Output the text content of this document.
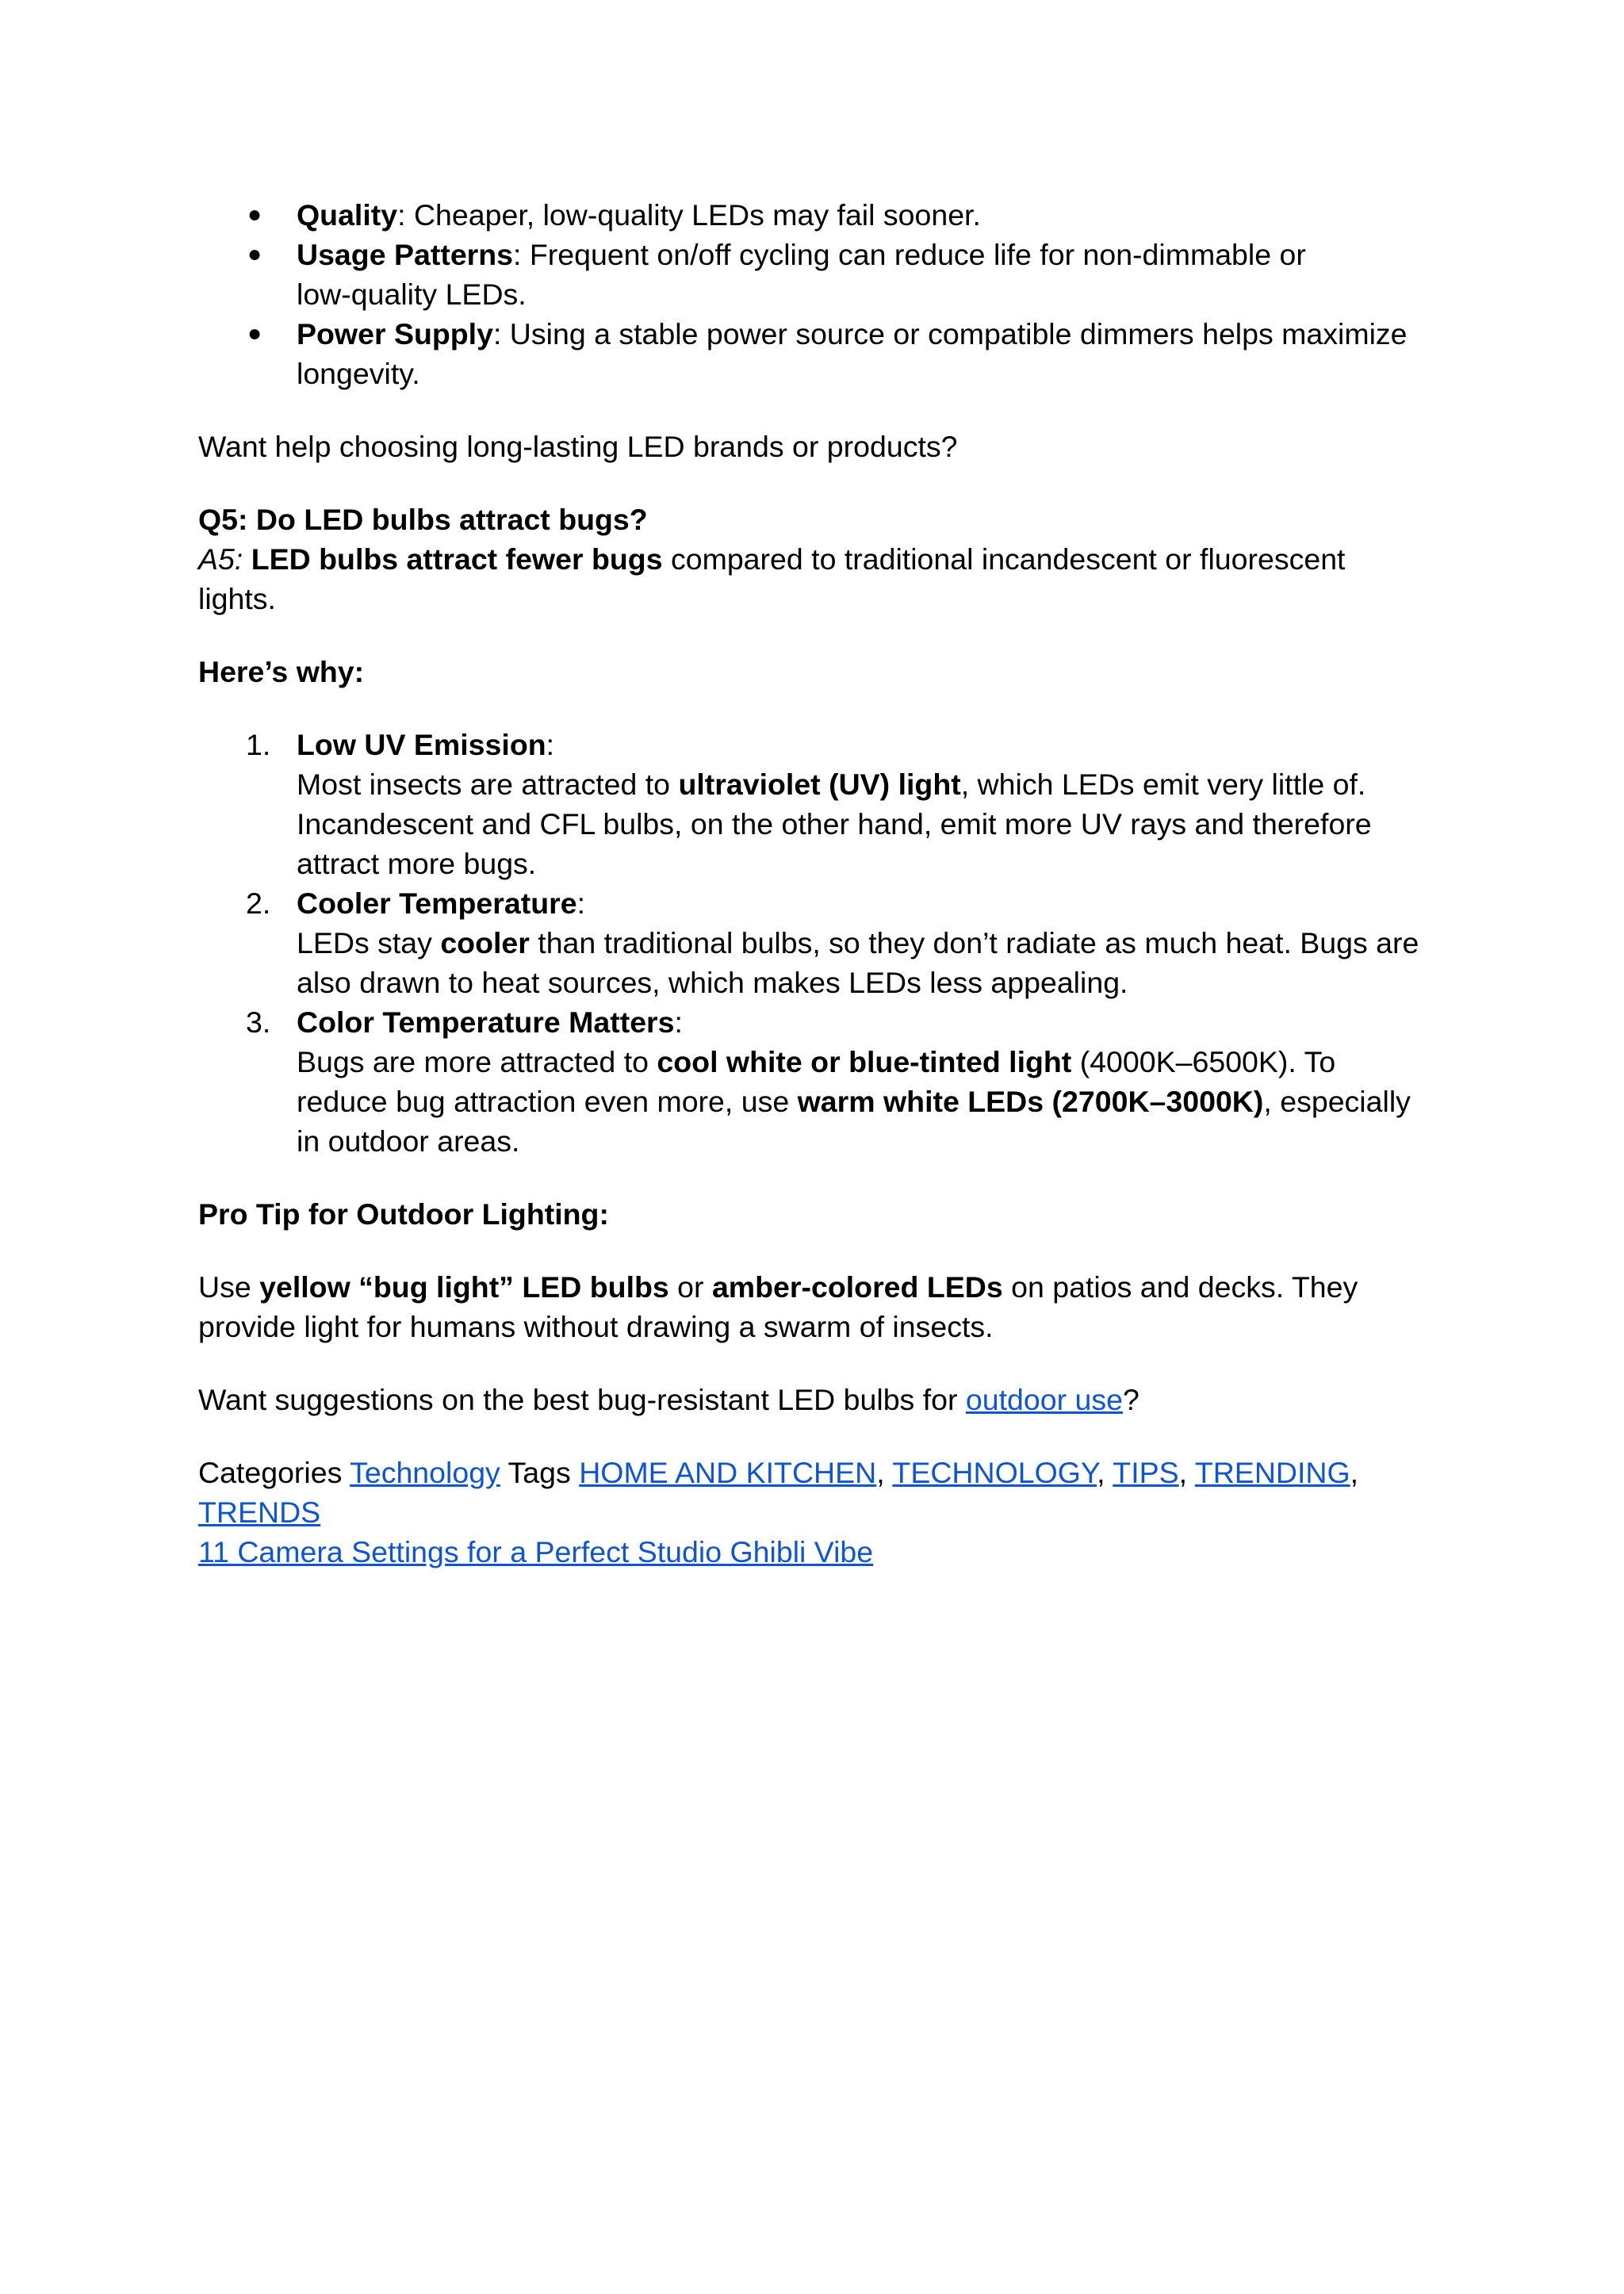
● Quality: Cheaper, low-quality LEDs may fail sooner.
● Usage Patterns: Frequent on/off cycling can reduce life for non-dimmable or
low-quality LEDs.
● Power Supply: Using a stable power source or compatible dimmers helps maximize
longevity.

Want help choosing long-lasting LED brands or products?

Q5: Do LED bulbs attract bugs?

A5: LED bulbs attract fewer bugs compared to traditional incandescent or fluorescent
lights.

Here’s why:

1. Low UV Emission:
Most insects are attracted to ultraviolet (UV) light, which LEDs emit very little of.
Incandescent and CFL bulbs, on the other hand, emit more UV rays and therefore
attract more bugs.
2. Cooler Temperature:
LEDs stay cooler than traditional bulbs, so they don’t radiate as much heat. Bugs are
also drawn to heat sources, which makes LEDs less appealing.
3. Color Temperature Matters:
Bugs are more attracted to cool white or blue-tinted light (4000K–6500K). To
reduce bug attraction even more, use warm white LEDs (2700K–3000K), especially
in outdoor areas.

Pro Tip for Outdoor Lighting:

Use yellow “bug light” LED bulbs or amber-colored LEDs on patios and decks. They
provide light for humans without drawing a swarm of insects.

Want suggestions on the best bug-resistant LED bulbs for outdoor use?

Categories Technology Tags HOME AND KITCHEN, TECHNOLOGY, TIPS, TRENDING,
TRENDS
11 Camera Settings for a Perfect Studio Ghibli Vibe
